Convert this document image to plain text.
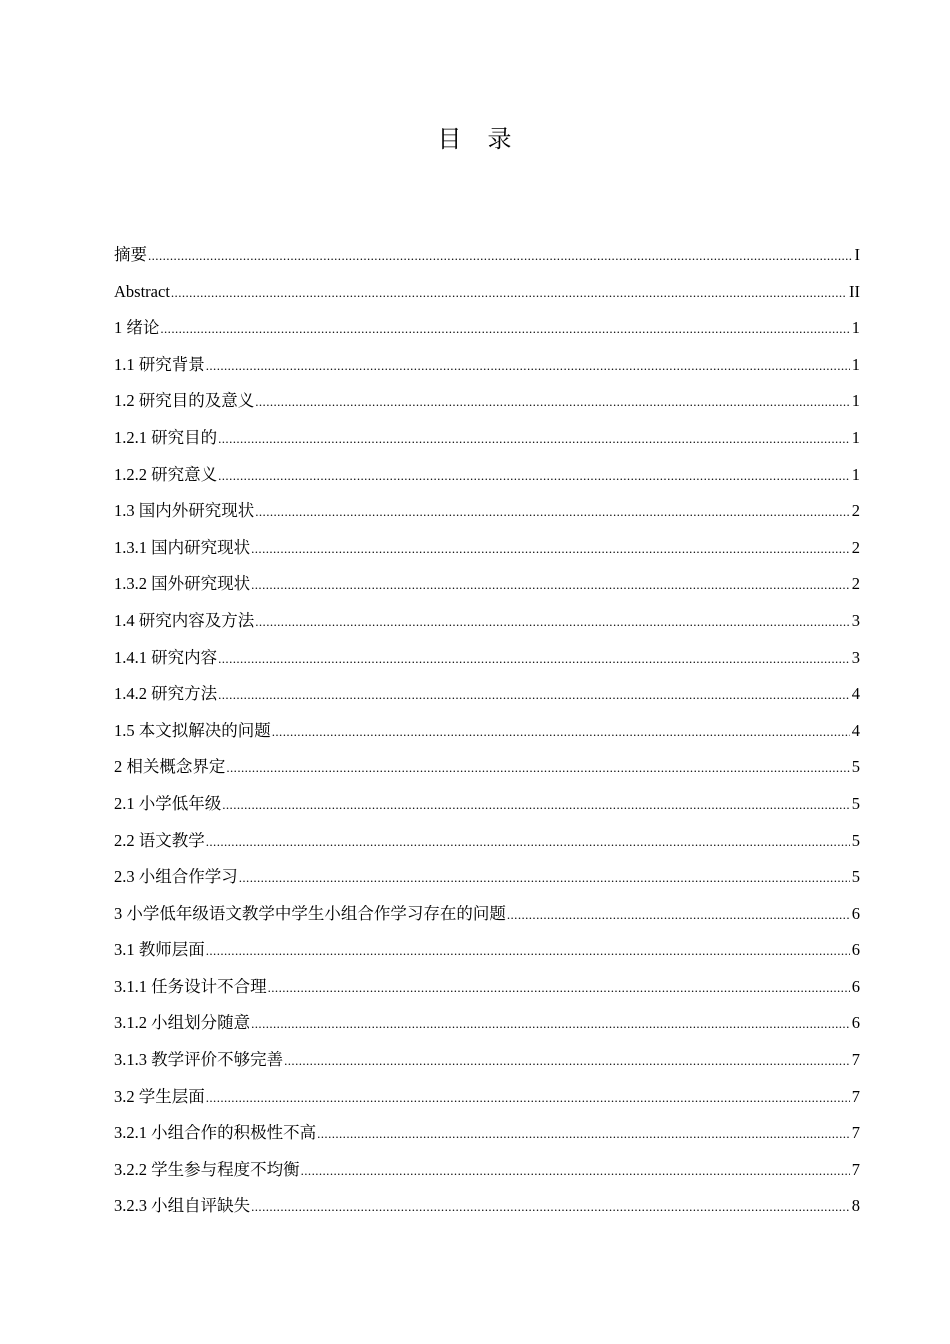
目录
摘要 .....	I
Abstract .....	II
1 绪论 .....	1
1.1 研究背景 .....	1
1.2 研究目的及意义 .....	1
1.2.1 研究目的 .....	1
1.2.2 研究意义 .....	1
1.3 国内外研究现状 .....	2
1.3.1 国内研究现状 .....	2
1.3.2 国外研究现状 .....	2
1.4 研究内容及方法 .....	3
1.4.1 研究内容 .....	3
1.4.2 研究方法 .....	4
1.5 本文拟解决的问题 .....	4
2 相关概念界定 .....	5
2.1 小学低年级 .....	5
2.2 语文教学 .....	5
2.3 小组合作学习 .....	5
3 小学低年级语文教学中学生小组合作学习存在的问题 .....	6
3.1 教师层面 .....	6
3.1.1 任务设计不合理 .....	6
3.1.2 小组划分随意 .....	6
3.1.3 教学评价不够完善 .....	7
3.2 学生层面 .....	7
3.2.1 小组合作的积极性不高 .....	7
3.2.2 学生参与程度不均衡 .....	7
3.2.3 小组自评缺失 .....	8
